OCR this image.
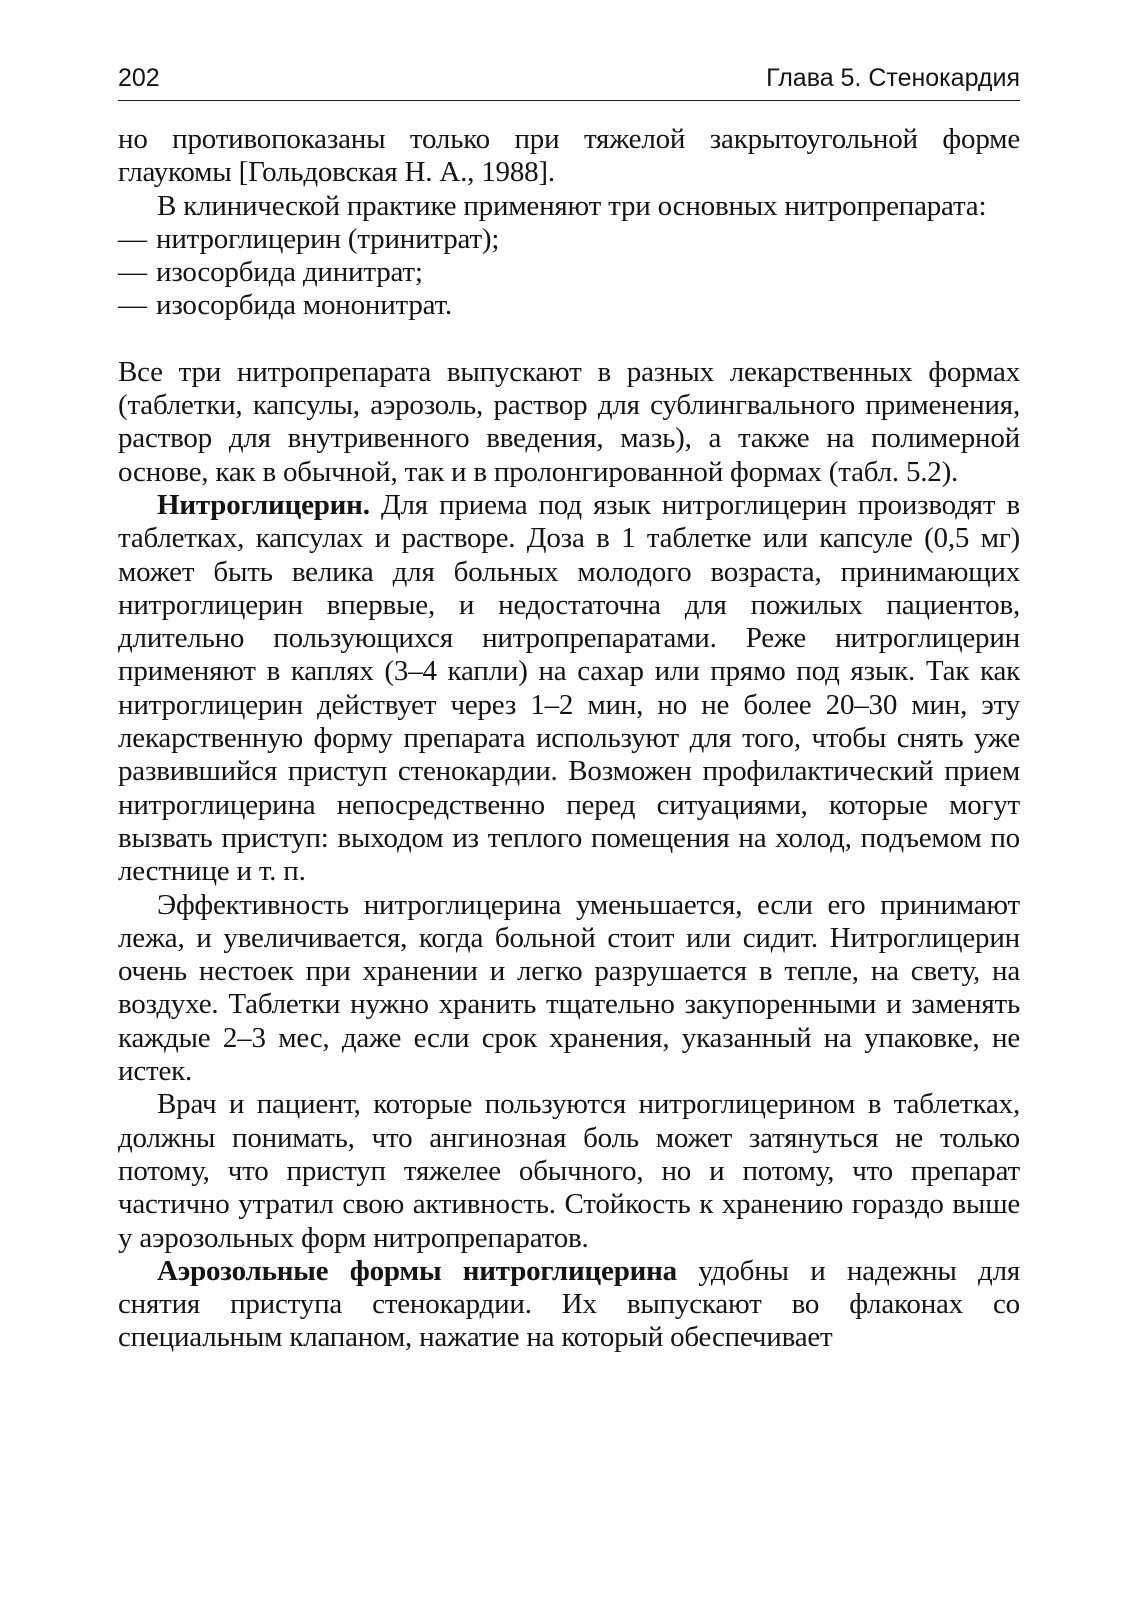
202	Глава 5. Стенокардия

но противопоказаны только при тяжелой закрытоугольной форме глаукомы [Гольдовская Н. А., 1988].

В клинической практике применяют три основных нитропрепарата:

— нитроглицерин (тринитрат);
— изосорбида динитрат;
— изосорбида мононитрат.

Все три нитропрепарата выпускают в разных лекарственных формах (таблетки, капсулы, аэрозоль, раствор для сублингвального применения, раствор для внутривенного введения, мазь), а также на полимерной основе, как в обычной, так и в пролонгированной формах (табл. 5.2).

Нитроглицерин. Для приема под язык нитроглицерин производят в таблетках, капсулах и растворе. Доза в 1 таблетке или капсуле (0,5 мг) может быть велика для больных молодого возраста, принимающих нитроглицерин впервые, и недостаточна для пожилых пациентов, длительно пользующихся нитропрепаратами. Реже нитроглицерин применяют в каплях (3–4 капли) на сахар или прямо под язык. Так как нитроглицерин действует через 1–2 мин, но не более 20–30 мин, эту лекарственную форму препарата используют для того, чтобы снять уже развившийся приступ стенокардии. Возможен профилактический прием нитроглицерина непосредственно перед ситуациями, которые могут вызвать приступ: выходом из теплого помещения на холод, подъемом по лестнице и т. п.

Эффективность нитроглицерина уменьшается, если его принимают лежа, и увеличивается, когда больной стоит или сидит. Нитроглицерин очень нестоек при хранении и легко разрушается в тепле, на свету, на воздухе. Таблетки нужно хранить тщательно закупоренными и заменять каждые 2–3 мес, даже если срок хранения, указанный на упаковке, не истек.

Врач и пациент, которые пользуются нитроглицерином в таблетках, должны понимать, что ангинозная боль может затянуться не только потому, что приступ тяжелее обычного, но и потому, что препарат частично утратил свою активность. Стойкость к хранению гораздо выше у аэрозольных форм нитропрепаратов.

Аэрозольные формы нитроглицерина удобны и надежны для снятия приступа стенокардии. Их выпускают во флаконах со специальным клапаном, нажатие на который обеспечивает
